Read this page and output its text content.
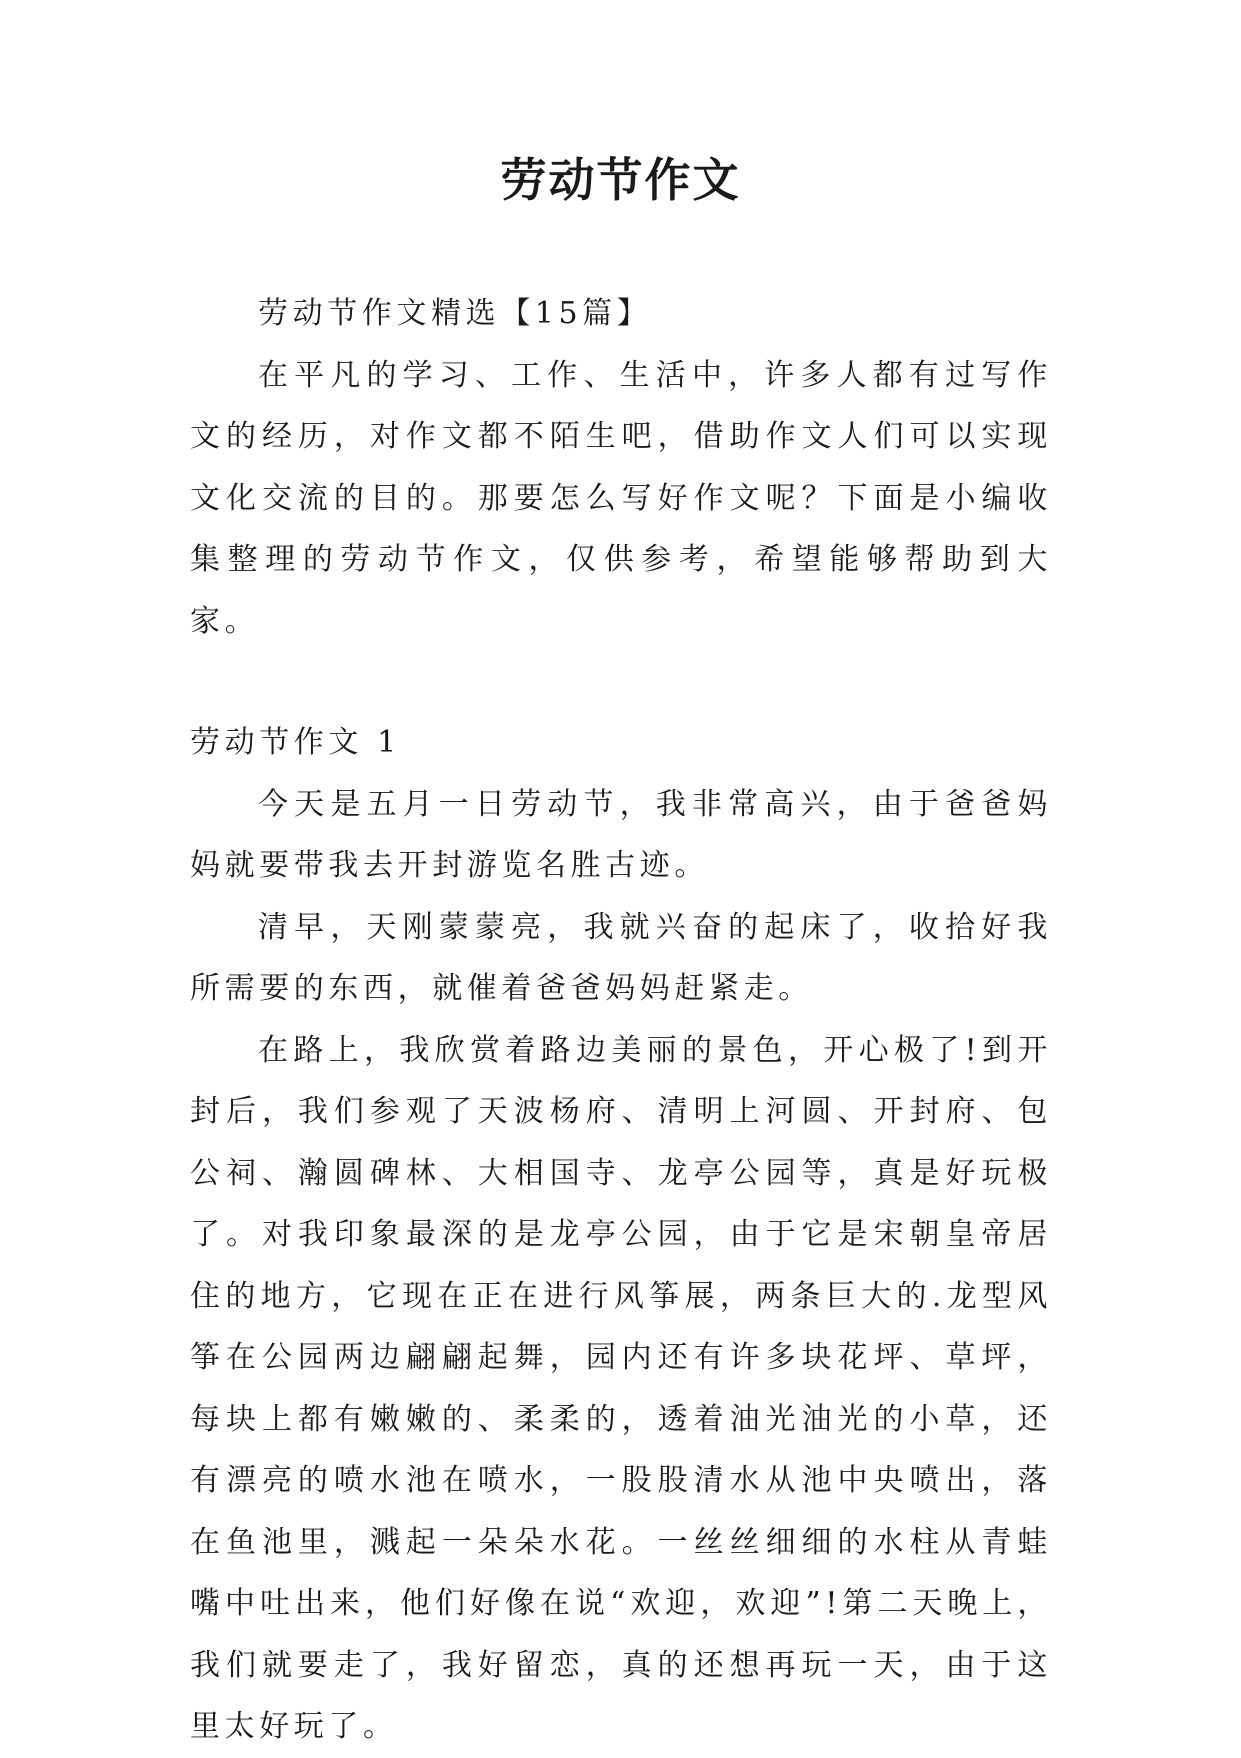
劳动节作文

劳动节作文精选【15篇】

在平凡的学习、工作、生活中，许多人都有过写作文的经历，对作文都不陌生吧，借助作文人们可以实现文化交流的目的。那要怎么写好作文呢？下面是小编收集整理的劳动节作文，仅供参考，希望能够帮助到大家。

劳动节作文 1

今天是五月一日劳动节，我非常高兴，由于爸爸妈妈就要带我去开封游览名胜古迹。

清早，天刚蒙蒙亮，我就兴奋的起床了，收拾好我所需要的东西，就催着爸爸妈妈赶紧走。

在路上，我欣赏着路边美丽的景色，开心极了!到开封后，我们参观了天波杨府、清明上河圆、开封府、包公祠、瀚圆碑林、大相国寺、龙亭公园等，真是好玩极了。对我印象最深的是龙亭公园，由于它是宋朝皇帝居住的地方，它现在正在进行风筝展，两条巨大的.龙型风筝在公园两边翩翩起舞，园内还有许多块花坪、草坪，每块上都有嫩嫩的、柔柔的，透着油光油光的小草，还有漂亮的喷水池在喷水，一股股清水从池中央喷出，落在鱼池里，溅起一朵朵水花。一丝丝细细的水柱从青蛙嘴中吐出来，他们好像在说“欢迎，欢迎”!第二天晚上，我们就要走了，我好留恋，真的还想再玩一天，由于这里太好玩了。
